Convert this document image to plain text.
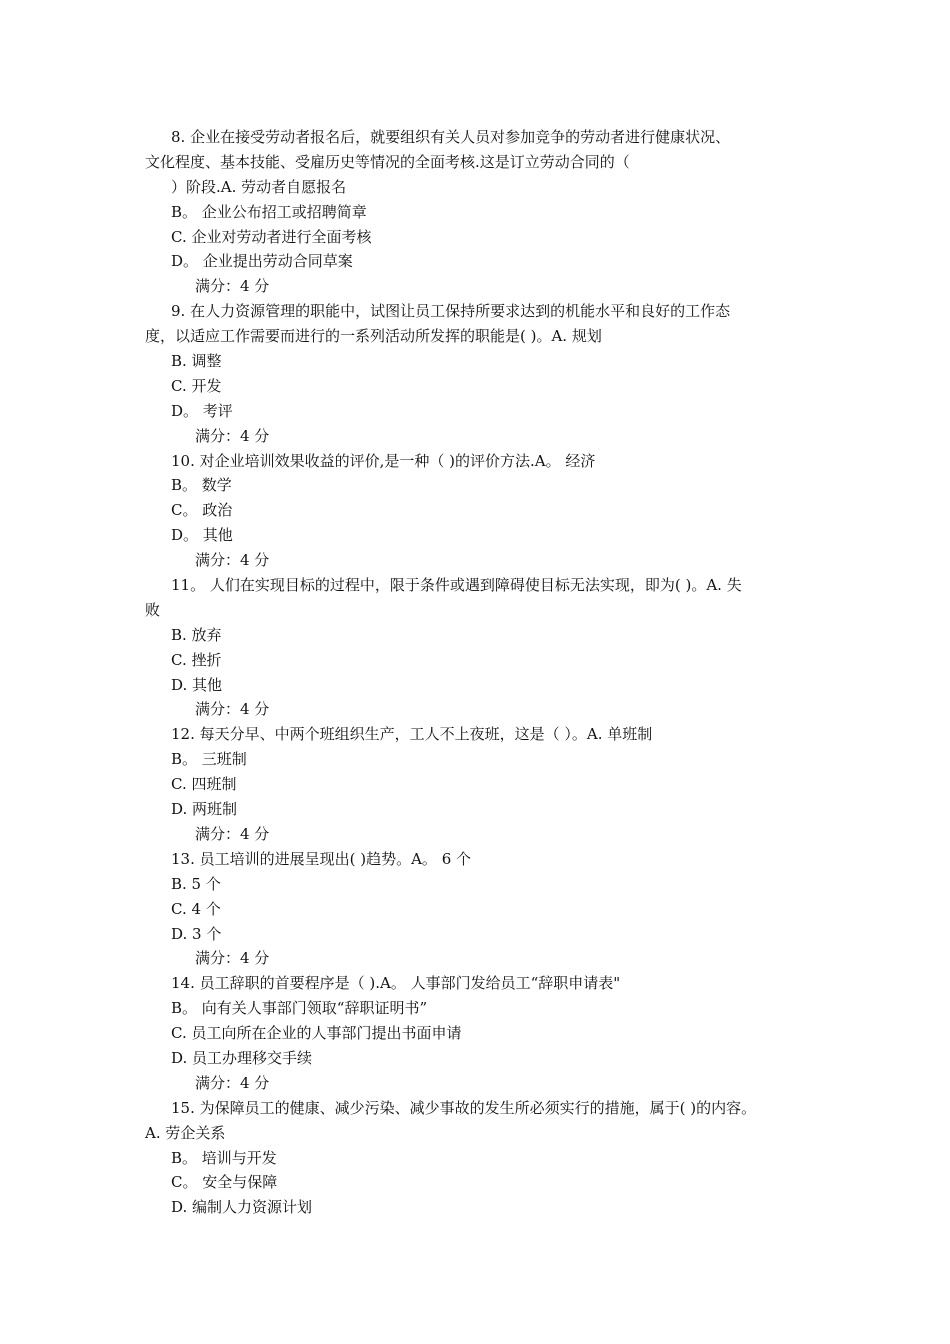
8. 企业在接受劳动者报名后，就要组织有关人员对参加竞争的劳动者进行健康状况、
文化程度、基本技能、受雇历史等情况的全面考核.这是订立劳动合同的（
）阶段.A. 劳动者自愿报名
B。 企业公布招工或招聘简章
C. 企业对劳动者进行全面考核
D。 企业提出劳动合同草案
满分：4 分
9. 在人力资源管理的职能中，试图让员工保持所要求达到的机能水平和良好的工作态
度，以适应工作需要而进行的一系列活动所发挥的职能是( )。A. 规划
B. 调整
C. 开发
D。 考评
满分：4 分
10. 对企业培训效果收益的评价,是一种（ )的评价方法.A。 经济
B。 数学
C。 政治
D。 其他
满分：4 分
11。 人们在实现目标的过程中，限于条件或遇到障碍使目标无法实现，即为( )。A. 失
败
B. 放弃
C. 挫折
D. 其他
满分：4 分
12. 每天分早、中两个班组织生产，工人不上夜班，这是（ ）。A. 单班制
B。 三班制
C. 四班制
D. 两班制
满分：4 分
13. 员工培训的进展呈现出( )趋势。A。 6 个
B. 5 个
C. 4 个
D. 3 个
满分：4 分
14. 员工辞职的首要程序是（ ).A。 人事部门发给员工“辞职申请表"
B。 向有关人事部门领取“辞职证明书”
C. 员工向所在企业的人事部门提出书面申请
D. 员工办理移交手续
满分：4 分
15. 为保障员工的健康、减少污染、减少事故的发生所必须实行的措施，属于( )的内容。
A. 劳企关系
B。 培训与开发
C。 安全与保障
D. 编制人力资源计划
